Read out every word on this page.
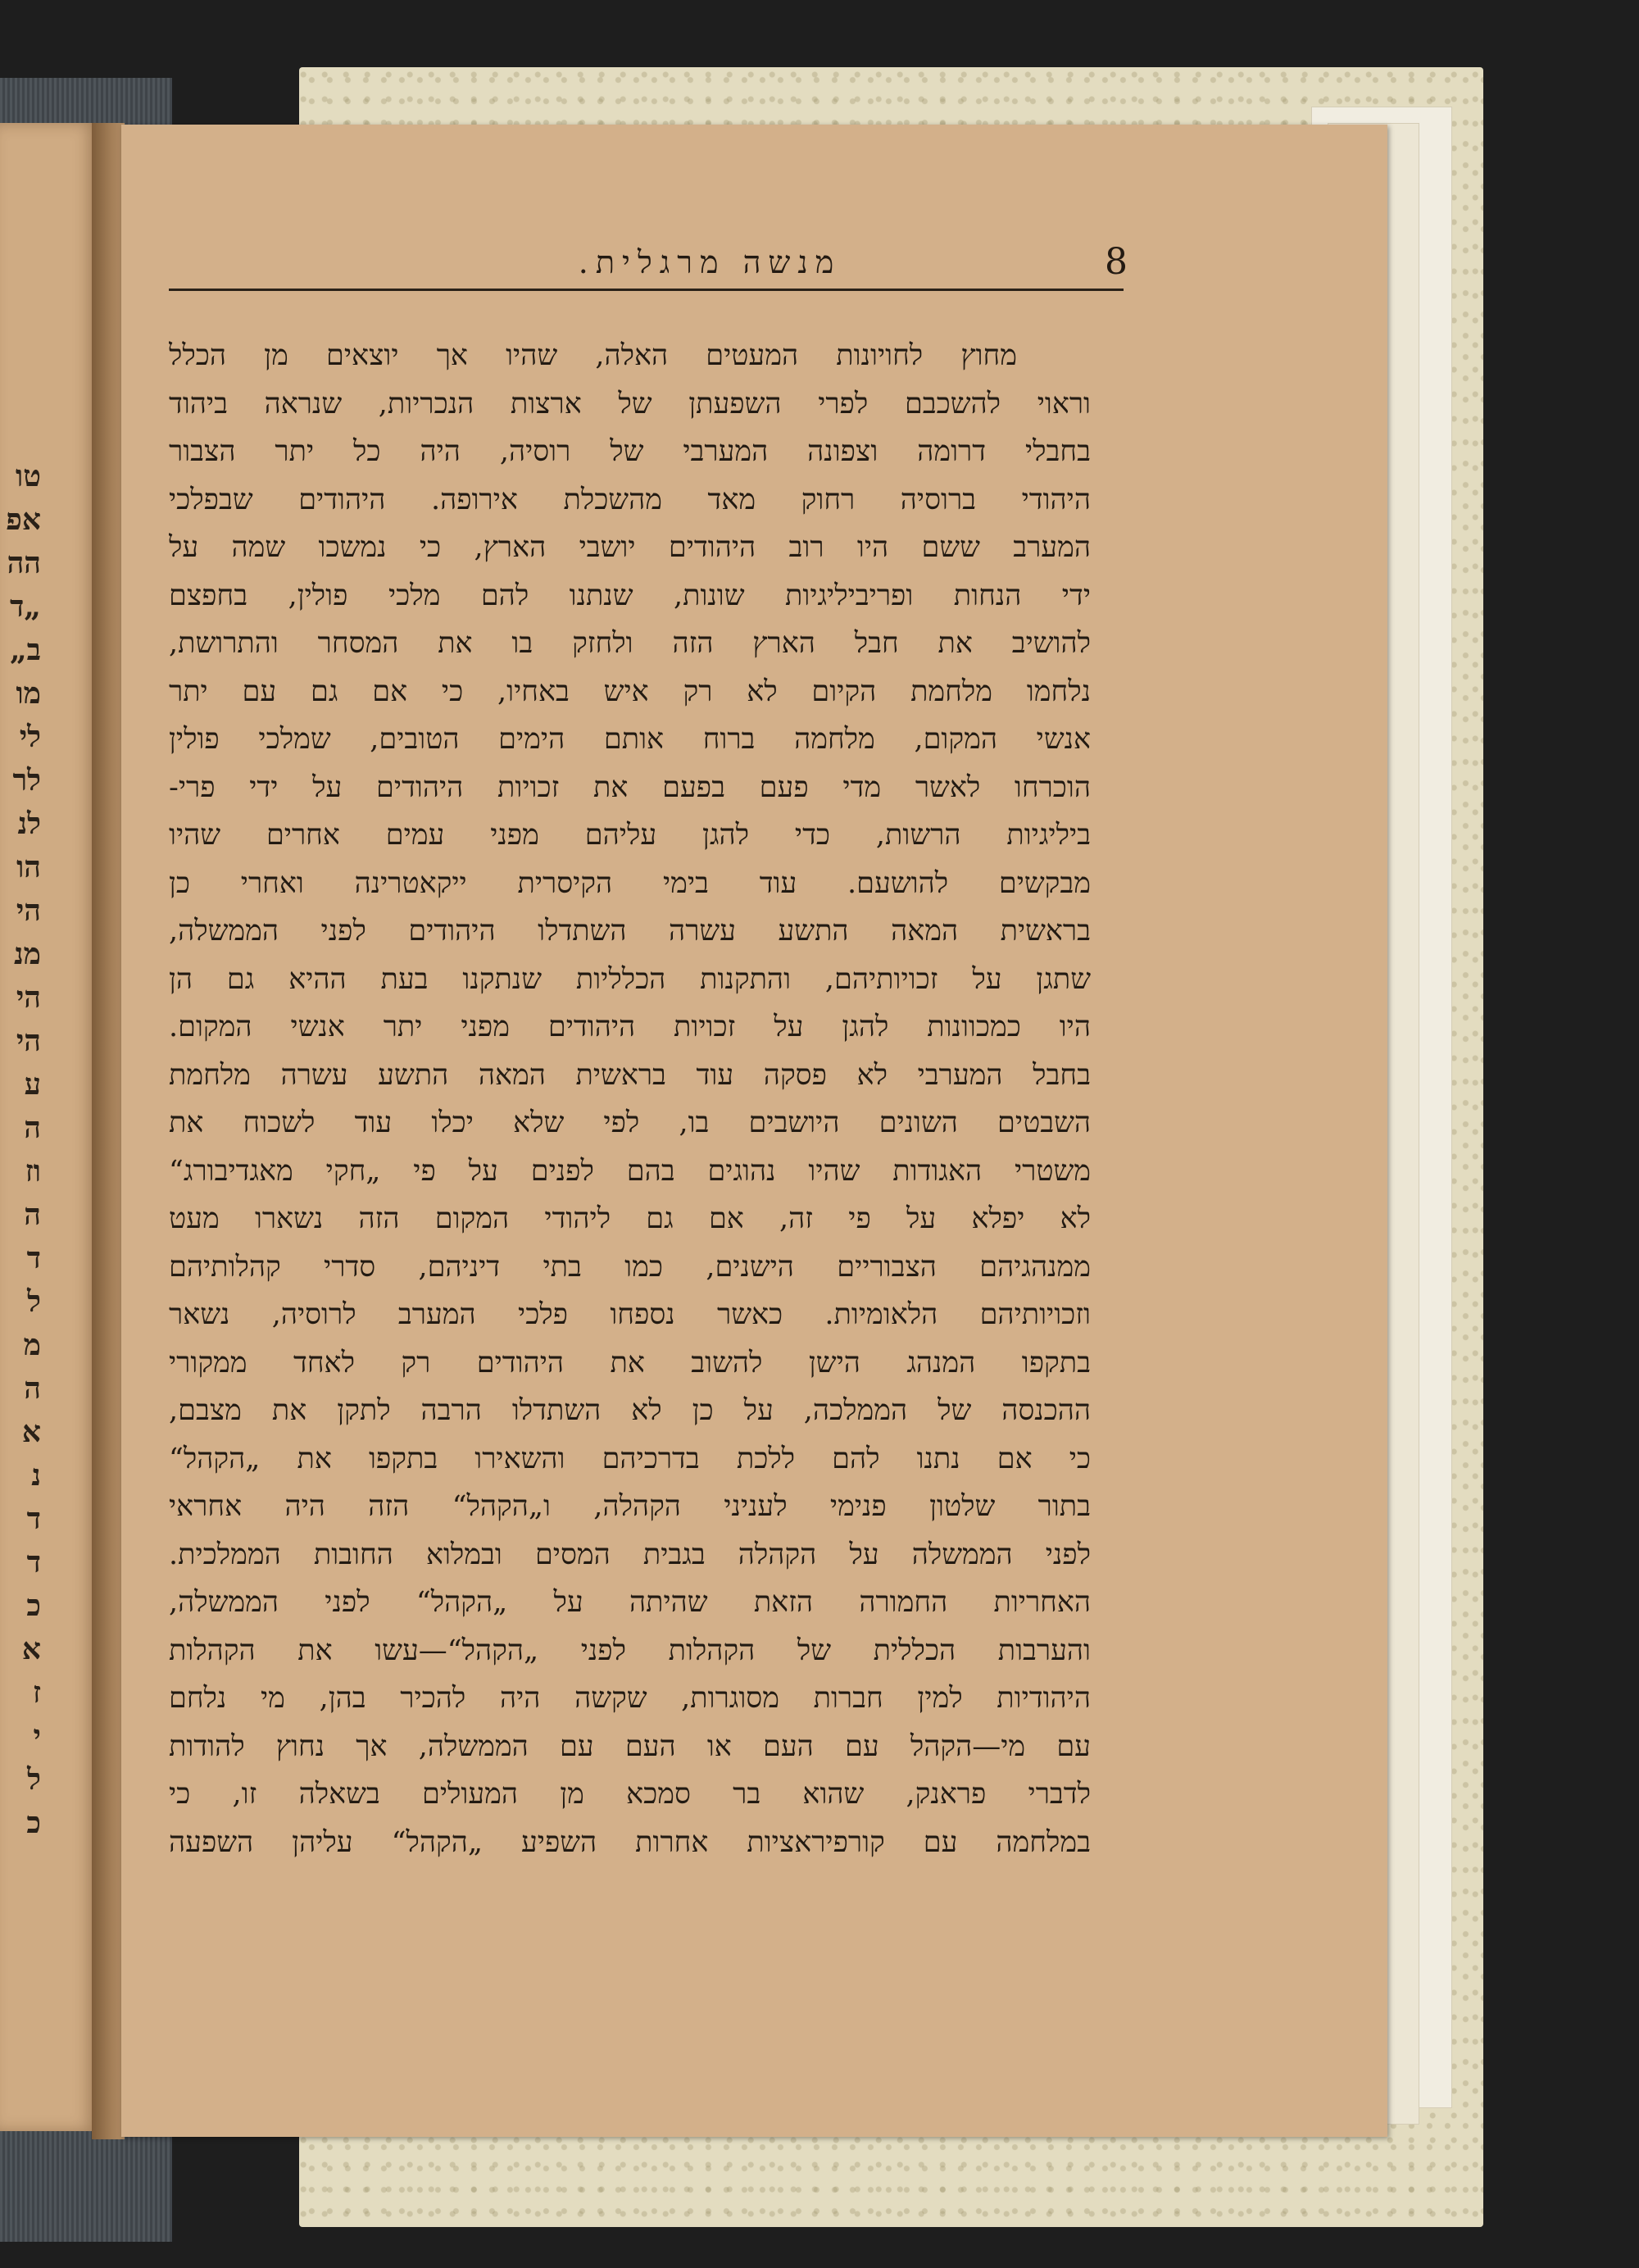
טו
אפ
הה
„ד
ב„
מו
לי
לר
לנ
הו
הי
מנ
הי
הי
ע
ה
וז
ה
ד
ל
מ
ה
א
נ
ד
ד
כ
א
ז
י
ל
כ
8
מנשה מרגלית.
מחוץ לחויונות המעטים האלה, שהיו אך יוצאים מן הכלל
וראוי להשכבם לפרי השפעתן של ארצות הנכריות, שנראה ביהוד
בחבלי דרומה וצפונה המערבי של רוסיה, היה כל יתר הצבור
היהודי ברוסיה רחוק מאד מהשכלת אירופה. היהודים שבפלכי
המערב ששם היו רוב היהודים יושבי הארץ, כי נמשכו שמה על
ידי הנחות ופריביליגיות שונות, שנתנו להם מלכי פולין, בחפצם
להושיב את חבל הארץ הזה ולחזק בו את המסחר והתרושת,
נלחמו מלחמת הקיום לא רק איש באחיו, כי אם גם עם יתר
אנשי המקום, מלחמה ברוח אותם הימים הטובים, שמלכי פולין
הוכרחו לאשר מדי פעם בפעם את זכויות היהודים על ידי פרי-
ביליגיות הרשות, כדי להגן עליהם מפני עמים אחרים שהיו
מבקשים להושעם. עוד בימי הקיסרית ייקאטרינה ואחרי כן
בראשית המאה התשע עשרה השתדלו היהודים לפני הממשלה,
שתגן על זכויותיהם, והתקנות הכלליות שנתקנו בעת ההיא גם הן
היו כמכוונות להגן על זכויות היהודים מפני יתר אנשי המקום.
בחבל המערבי לא פסקה עוד בראשית המאה התשע עשרה מלחמת
השבטים השונים היושבים בו, לפי שלא יכלו עוד לשכוח את
משטרי האגודות שהיו נהוגים בהם לפנים על פי „חקי מאגדיבורג“
לא יפלא על פי זה, אם גם ליהודי המקום הזה נשארו מעט
ממנהגיהם הצבוריים הישנים, כמו בתי דיניהם, סדרי קהלותיהם
וזכויותיהם הלאומיות. כאשר נספחו פלכי המערב לרוסיה, נשאר
בתקפו המנהג הישן להשוב את היהודים רק לאחד ממקורי
ההכנסה של הממלכה, על כן לא השתדלו הרבה לתקן את מצבם,
כי אם נתנו להם ללכת בדרכיהם והשאירו בתקפו את „הקהל“
בתור שלטון פנימי לעניני הקהלה, ו„הקהל“ הזה היה אחראי
לפני הממשלה על הקהלה בגבית המסים ובמלוא החובות הממלכית.
האחריות החמורה הזאת שהיתה על „הקהל“ לפני הממשלה,
והערבות הכללית של הקהלות לפני „הקהל“—עשו את הקהלות
היהודיות למין חברות מסוגרות, שקשה היה להכיר בהן, מי נלחם
עם מי—הקהל עם העם או העם עם הממשלה, אך נחוץ להודות
לדברי פראנק, שהוא בר סמכא מן המעולים בשאלה זו, כי
במלחמה עם קורפיראציות אחרות השפיע „הקהל“ עליהן השפעה
